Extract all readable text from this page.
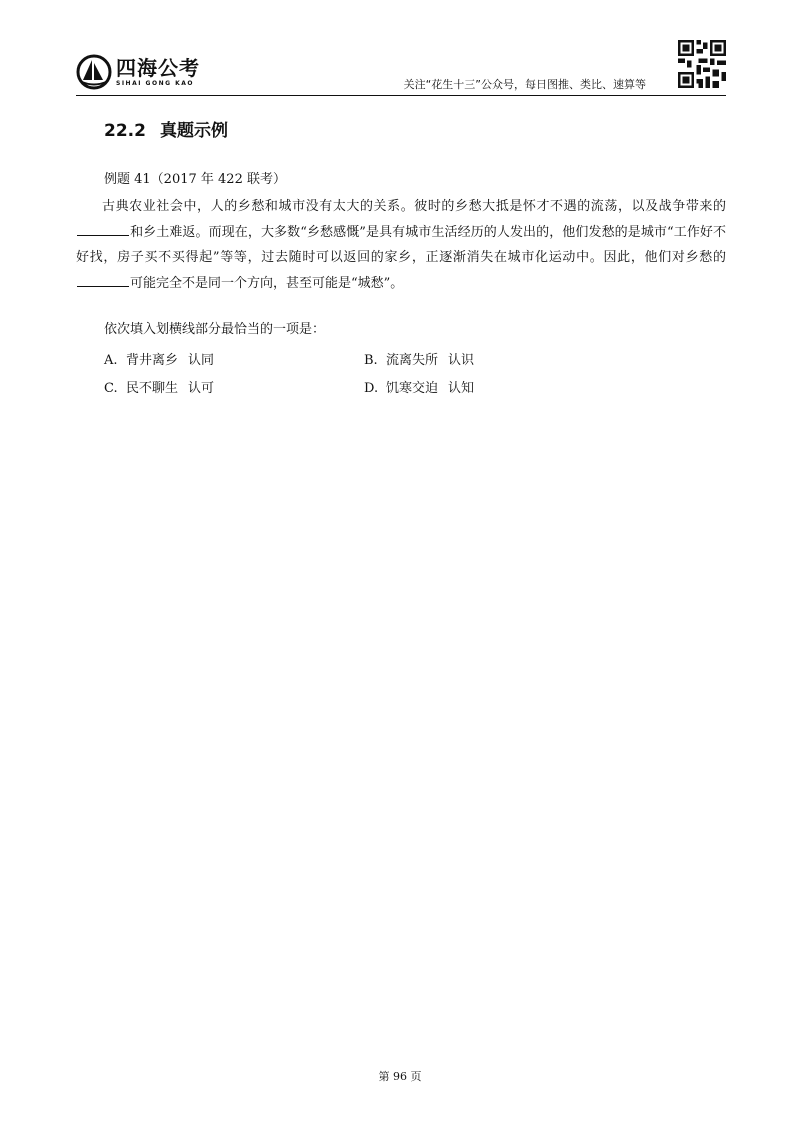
四海公考
SIHAI GONG KAO	关注“花生十三”公众号，每日图推、类比、速算等
22.2 真题示例
例题 41（2017 年 422 联考）

古典农业社会中，人的乡愁和城市没有太大的关系。彼时的乡愁大抵是怀才不遇的流荡，以及战争带来的和乡土难返。而现在，大多数“乡愁感慨”是具有城市生活经历的人发出的，他们发愁的是城市“工作好不好找，房子买不买得起”等等，过去随时可以返回的家乡，正逐渐消失在城市化运动中。因此，他们对乡愁的可能完全不是同一个方向，甚至可能是“城愁”。

依次填入划横线部分最恰当的一项是：
A. 背井离乡 认同	B. 流离失所 认识
C. 民不聊生 认可	D. 饥寒交迫 认知
第 96 页
